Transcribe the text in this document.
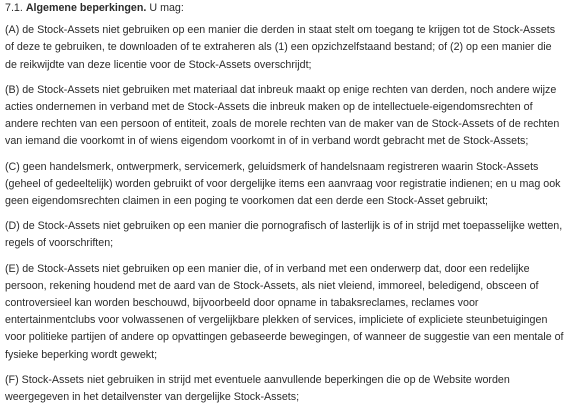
7.1. Algemene beperkingen. U mag:

(A) de Stock-Assets niet gebruiken op een manier die derden in staat stelt om toegang te krijgen tot de Stock-Assets of deze te gebruiken, te downloaden of te extraheren als (1) een opzichzelfstaand bestand; of (2) op een manier die de reikwijdte van deze licentie voor de Stock-Assets overschrijdt;

(B) de Stock-Assets niet gebruiken met materiaal dat inbreuk maakt op enige rechten van derden, noch andere wijze acties ondernemen in verband met de Stock-Assets die inbreuk maken op de intellectuele-eigendomsrechten of andere rechten van een persoon of entiteit, zoals de morele rechten van de maker van de Stock-Assets of de rechten van iemand die voorkomt in of wiens eigendom voorkomt in of in verband wordt gebracht met de Stock-Assets;

(C) geen handelsmerk, ontwerpmerk, servicemerk, geluidsmerk of handelsnaam registreren waarin Stock-Assets (geheel of gedeeltelijk) worden gebruikt of voor dergelijke items een aanvraag voor registratie indienen; en u mag ook geen eigendomsrechten claimen in een poging te voorkomen dat een derde een Stock-Asset gebruikt;

(D) de Stock-Assets niet gebruiken op een manier die pornografisch of lasterlijk is of in strijd met toepasselijke wetten, regels of voorschriften;

(E) de Stock-Assets niet gebruiken op een manier die, of in verband met een onderwerp dat, door een redelijke persoon, rekening houdend met de aard van de Stock-Assets, als niet vleiend, immoreel, beledigend, obsceen of controversieel kan worden beschouwd, bijvoorbeeld door opname in tabaksreclames, reclames voor entertainmentclubs voor volwassenen of vergelijkbare plekken of services, impliciete of expliciete steunbetuigingen voor politieke partijen of andere op opvattingen gebaseerde bewegingen, of wanneer de suggestie van een mentale of fysieke beperking wordt gewekt;

(F) Stock-Assets niet gebruiken in strijd met eventuele aanvullende beperkingen die op de Website worden weergegeven in het detailvenster van dergelijke Stock-Assets;
